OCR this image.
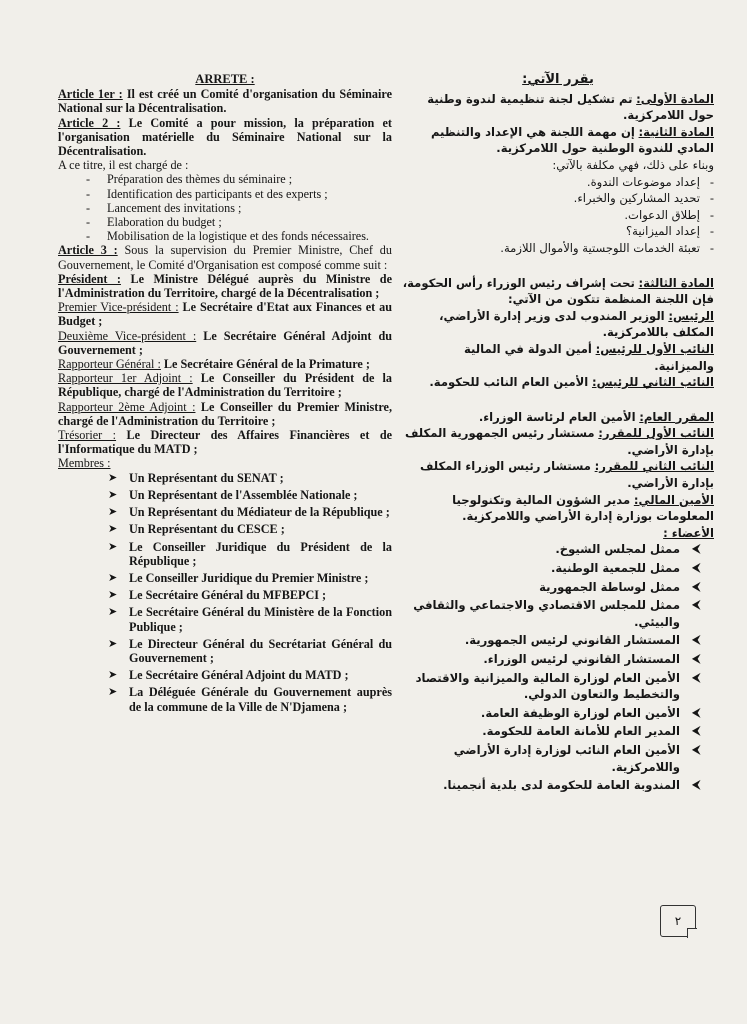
ARRETE :

Article 1er : Il est créé un Comité d'organisation du Séminaire National sur la Décentralisation.

Article 2 : Le Comité a pour mission, la préparation et l'organisation matérielle du Séminaire National sur la Décentralisation.

A ce titre, il est chargé de :

- Préparation des thèmes du séminaire ;
- Identification des participants et des experts ;
- Lancement des invitations ;
- Elaboration du budget ;
- Mobilisation de la logistique et des fonds nécessaires.

Article 3 : Sous la supervision du Premier Ministre, Chef du Gouvernement, le Comité d'Organisation est composé comme suit :

Président : Le Ministre Délégué auprès du Ministre de l'Administration du Territoire, chargé de la Décentralisation ;

Premier Vice-président : Le Secrétaire d'Etat aux Finances et au Budget ;

Deuxième Vice-président : Le Secrétaire Général Adjoint du Gouvernement ;

Rapporteur Général : Le Secrétaire Général de la Primature ;

Rapporteur 1er Adjoint : Le Conseiller du Président de la République, chargé de l'Administration du Territoire ;

Rapporteur 2ème Adjoint : Le Conseiller du Premier Ministre, chargé de l'Administration du Territoire ;

Trésorier : Le Directeur des Affaires Financières et de l'Informatique du MATD ;

Membres :

➤ Un Représentant du SENAT ;
➤ Un Représentant de l'Assemblée Nationale ;
➤ Un Représentant du Médiateur de la République ;
➤ Un Représentant du CESCE ;
➤ Le Conseiller Juridique du Président de la République ;
➤ Le Conseiller Juridique du Premier Ministre ;
➤ Le Secrétaire Général du MFBEPCI ;
➤ Le Secrétaire Général du Ministère de la Fonction Publique ;
➤ Le Directeur Général du Secrétariat Général du Gouvernement ;
➤ Le Secrétaire Général Adjoint du MATD ;
➤ La Déléguée Générale du Gouvernement auprès de la commune de la Ville de N'Djamena ;
يقرر الآتي:

المادة الأولى: تم تشكيل لجنة تنظيمية لندوة وطنية حول اللامركزية.

المادة الثانية: إن مهمة اللجنة هي الإعداد والتنظيم المادي للندوة الوطنية حول اللامركزية.

وبناء على ذلك، فهي مكلفة بالآتي:

- إعداد موضوعات الندوة.
- تحديد المشاركين والخبراء.
- إطلاق الدعوات.
- إعداد الميزانية؟
- تعبئة الخدمات اللوجستية والأموال اللازمة.

المادة الثالثة: تحت إشراف رئيس الوزراء رأس الحكومة، فإن اللجنة المنظمة تتكون من الآتي:

الرئيس: الوزير المندوب لدى وزير إدارة الأراضي، المكلف باللامركزية.

النائب الأول للرئيس: أمين الدولة في المالية والميزانية.

النائب الثاني للرئيس: الأمين العام النائب للحكومة.

المقرر العام: الأمين العام لرئاسة الوزراء.

النائب الأول للمقرر: مستشار رئيس الجمهورية المكلف بإدارة الأراضي.

النائب الثاني للمقرر: مستشار رئيس الوزراء المكلف بإدارة الأراضي.

الأمين المالي: مدير الشؤون المالية وتكنولوجيا المعلومات بوزارة إدارة الأراضي واللامركزية.

الأعضاء :

⮜
ممثل لمجلس الشيوخ.
⮜
ممثل للجمعية الوطنية.
⮜
ممثل لوساطة الجمهورية
⮜
ممثل للمجلس الاقتصادي والاجتماعي والثقافي والبيئي.
⮜
المستشار القانوني لرئيس الجمهورية.
⮜
المستشار القانوني لرئيس الوزراء.
⮜
الأمين العام لوزارة المالية والميزانية والاقتصاد والتخطيط والتعاون الدولي.
⮜
الأمين العام لوزارة الوظيفة العامة.
⮜
المدير العام للأمانة العامة للحكومة.
⮜
الأمين العام النائب لوزارة إدارة الأراضي واللامركزية.
⮜
المندوبة العامة للحكومة لدى بلدية أنجمينا.
٢
